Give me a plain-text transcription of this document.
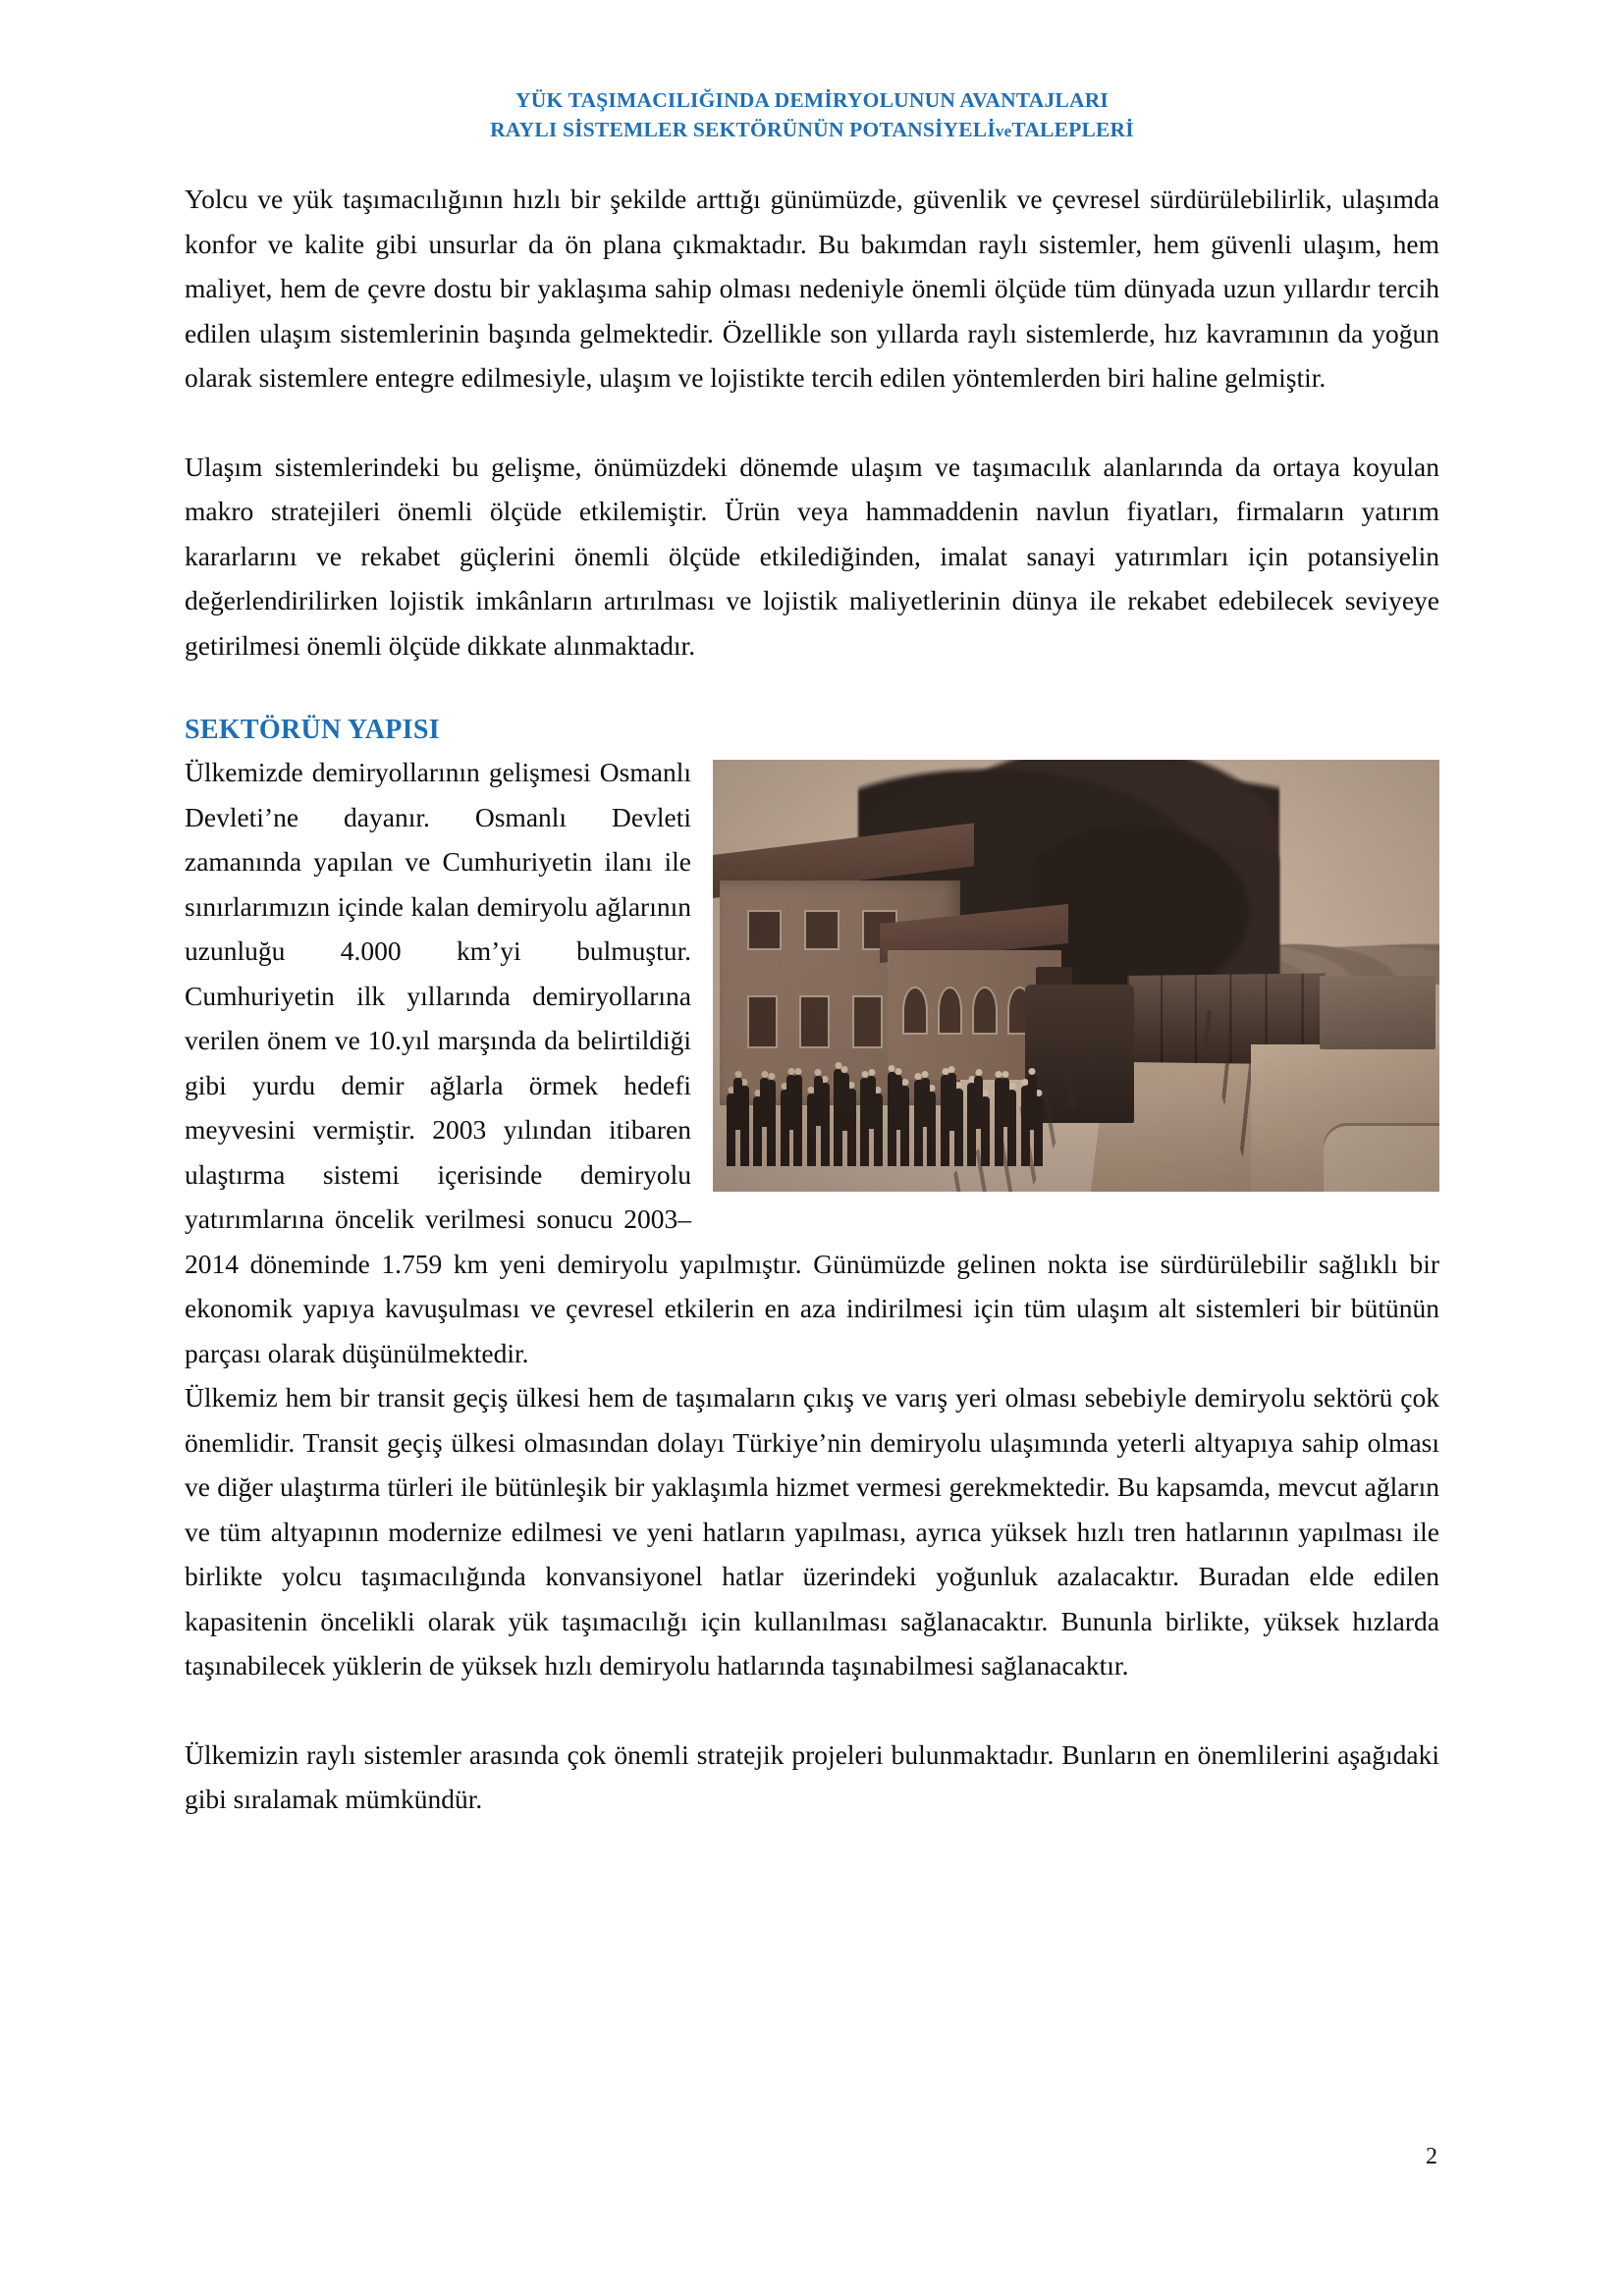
YÜK TAŞIMACILIĞINDA DEMİRYOLUNUN AVANTAJLARI
RAYLI SİSTEMLER SEKTÖRÜNÜN POTANSİYELİveTALEPLERİ

Yolcu ve yük taşımacılığının hızlı bir şekilde arttığı günümüzde, güvenlik ve çevresel sürdürülebilirlik, ulaşımda konfor ve kalite gibi unsurlar da ön plana çıkmaktadır. Bu bakımdan raylı sistemler, hem güvenli ulaşım, hem maliyet, hem de çevre dostu bir yaklaşıma sahip olması nedeniyle önemli ölçüde tüm dünyada uzun yıllardır tercih edilen ulaşım sistemlerinin başında gelmektedir. Özellikle son yıllarda raylı sistemlerde, hız kavramının da yoğun olarak sistemlere entegre edilmesiyle, ulaşım ve lojistikte tercih edilen yöntemlerden biri haline gelmiştir.

Ulaşım sistemlerindeki bu gelişme, önümüzdeki dönemde ulaşım ve taşımacılık alanlarında da ortaya koyulan makro stratejileri önemli ölçüde etkilemiştir. Ürün veya hammaddenin navlun fiyatları, firmaların yatırım kararlarını ve rekabet güçlerini önemli ölçüde etkilediğinden, imalat sanayi yatırımları için potansiyelin değerlendirilirken lojistik imkânların artırılması ve lojistik maliyetlerinin dünya ile rekabet edebilecek seviyeye getirilmesi önemli ölçüde dikkate alınmaktadır.

SEKTÖRÜN YAPISI

Ülkemizde demiryollarının gelişmesi Osmanlı Devleti’ne dayanır. Osmanlı Devleti zamanında yapılan ve Cumhuriyetin ilanı ile sınırlarımızın içinde kalan demiryolu ağlarının uzunluğu 4.000 km’yi bulmuştur. Cumhuriyetin ilk yıllarında demiryollarına verilen önem ve 10.yıl marşında da belirtildiği gibi yurdu demir ağlarla örmek hedefi meyvesini vermiştir. 2003 yılından itibaren ulaştırma sistemi içerisinde demiryolu yatırımlarına öncelik verilmesi sonucu 2003–2014 döneminde 1.759 km yeni demiryolu yapılmıştır. Günümüzde gelinen nokta ise sürdürülebilir sağlıklı bir ekonomik yapıya kavuşulması ve çevresel etkilerin en aza indirilmesi için tüm ulaşım alt sistemleri bir bütünün parçası olarak düşünülmektedir.

Ülkemiz hem bir transit geçiş ülkesi hem de taşımaların çıkış ve varış yeri olması sebebiyle demiryolu sektörü çok önemlidir. Transit geçiş ülkesi olmasından dolayı Türkiye’nin demiryolu ulaşımında yeterli altyapıya sahip olması ve diğer ulaştırma türleri ile bütünleşik bir yaklaşımla hizmet vermesi gerekmektedir. Bu kapsamda, mevcut ağların ve tüm altyapının modernize edilmesi ve yeni hatların yapılması, ayrıca yüksek hızlı tren hatlarının yapılması ile birlikte yolcu taşımacılığında konvansiyonel hatlar üzerindeki yoğunluk azalacaktır. Buradan elde edilen kapasitenin öncelikli olarak yük taşımacılığı için kullanılması sağlanacaktır. Bununla birlikte, yüksek hızlarda taşınabilecek yüklerin de yüksek hızlı demiryolu hatlarında taşınabilmesi sağlanacaktır.

Ülkemizin raylı sistemler arasında çok önemli stratejik projeleri bulunmaktadır. Bunların en önemlilerini aşağıdaki gibi sıralamak mümkündür.

2
